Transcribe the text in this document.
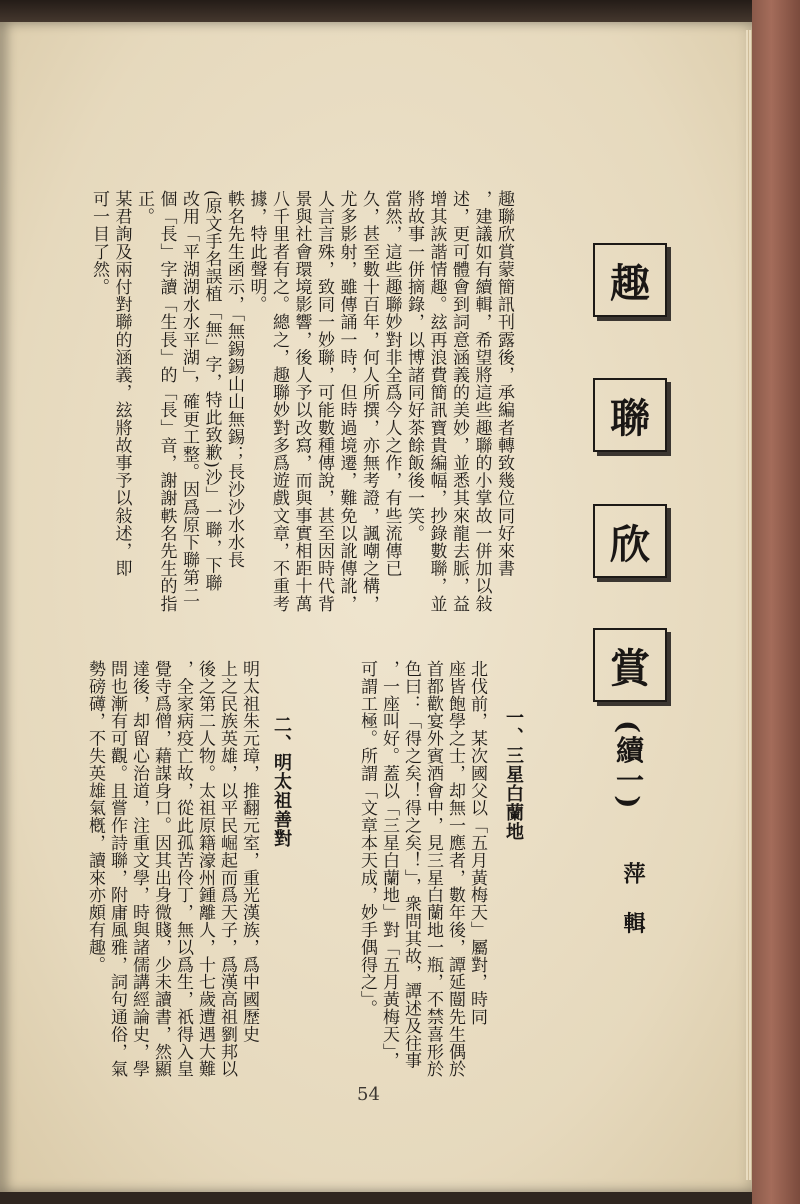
趣
聯
欣
賞
(續一)
萍 輯
趣聯欣賞蒙簡訊刊露後，承編者轉致幾位同好來書
，建議如有續輯，希望將這些趣聯的小掌故一併加以敍
述，更可體會到詞意涵義的美妙，並悉其來龍去脈，益
增其詼諧情趣。玆再浪費簡訊寶貴編幅，抄錄數聯，並
將故事一併摘錄，以博諸同好茶餘飯後一笑。
當然，這些趣聯妙對非全爲今人之作，有些流傳已
久，甚至數十百年，何人所撰，亦無考證，諷嘲之構，
尤多影射，雖傳誦一時，但時過境遷，難免以訛傳訛，
人言言殊，致同一妙聯，可能數種傳說，甚至因時代背
景與社會環境影響，後人予以改寫，而與事實相距十萬
八千里者有之。總之，趣聯妙對多爲遊戲文章，不重考
據，特此聲明。
軼名先生函示，「無錫錫山山無錫；長沙沙水水長
(原文手名誤植「無」字，特此致歉)沙」一聯，下聯
改用「平湖湖水水平湖」，確更工整。因爲原下聯第二
個「長」字讀「生長」的「長」音，謝謝軼名先生的指
正。
某君詢及兩付對聯的涵義，玆將故事予以敍述，即
可一目了然。
一、三星白蘭地
北伐前，某次國父以「五月黃梅天」屬對，時同
座皆飽學之士，却無一應者，數年後，譚延闓先生偶於
首都歡宴外賓酒會中，見三星白蘭地一瓶，不禁喜形於
色曰：「得之矣！得之矣！」，衆問其故，譚述及往事
，一座叫好。蓋以「三星白蘭地」對「五月黃梅天」，
可謂工極。所謂「文章本天成，妙手偶得之」。
二、明太祖善對
明太祖朱元璋，推翻元室，重光漢族，爲中國歷史
上之民族英雄，以平民崛起而爲天子，爲漢高祖劉邦以
後之第二人物。太祖原籍濠州鍾離人，十七歲遭遇大難
，全家病疫亡故，從此孤苦伶丁，無以爲生，祇得入皇
覺寺爲僧，藉謀身口。因其出身微賤，少未讀書，然顯
達後，却留心治道，注重文學，時與諸儒講經論史，學
問也漸有可觀。且嘗作詩聯，附庸風雅，詞句通俗，氣
勢磅礡，不失英雄氣槪，讀來亦頗有趣。
54
